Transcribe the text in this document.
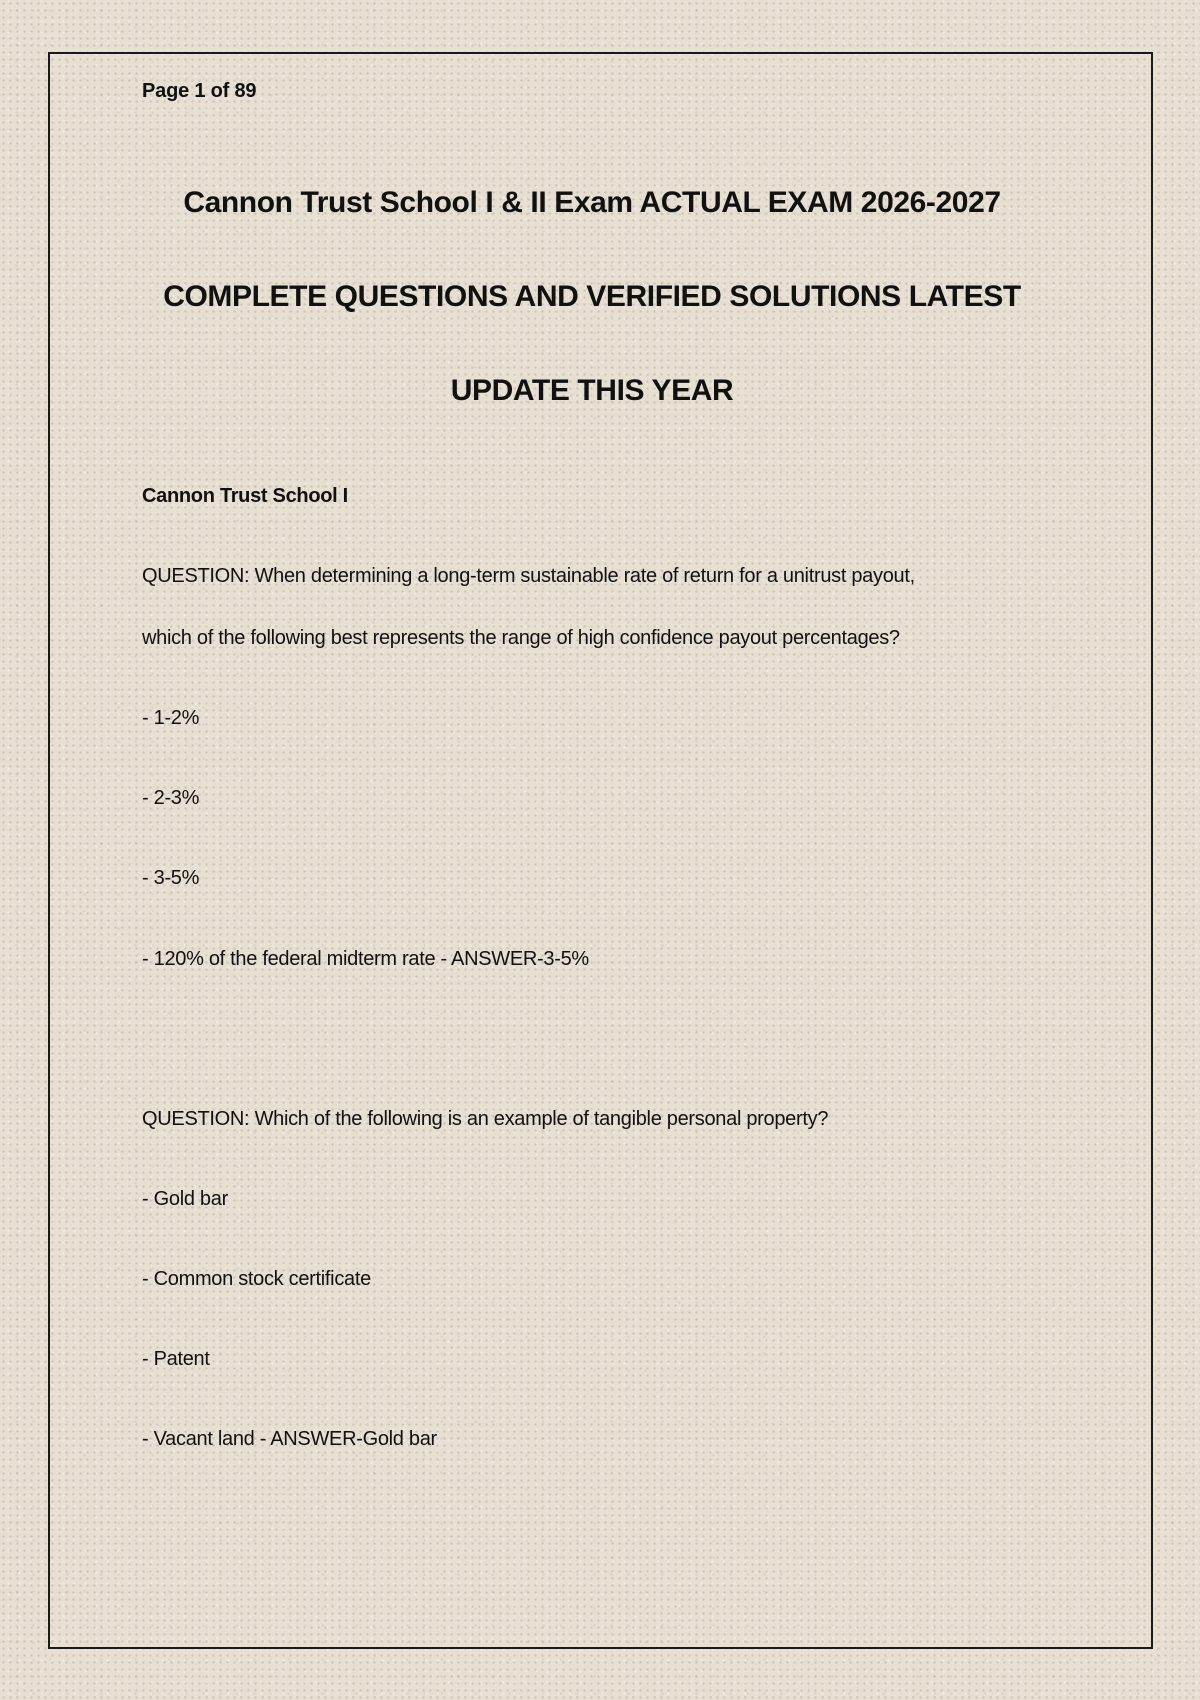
Page 1 of 89
Cannon Trust School I & II Exam ACTUAL EXAM 2026-2027
COMPLETE QUESTIONS AND VERIFIED SOLUTIONS LATEST
UPDATE THIS YEAR
Cannon Trust School I
QUESTION: When determining a long-term sustainable rate of return for a unitrust payout,
which of the following best represents the range of high confidence payout percentages?
- 1-2%
- 2-3%
- 3-5%
- 120% of the federal midterm rate - ANSWER-3-5%
QUESTION: Which of the following is an example of tangible personal property?
- Gold bar
- Common stock certificate
- Patent
- Vacant land - ANSWER-Gold bar
